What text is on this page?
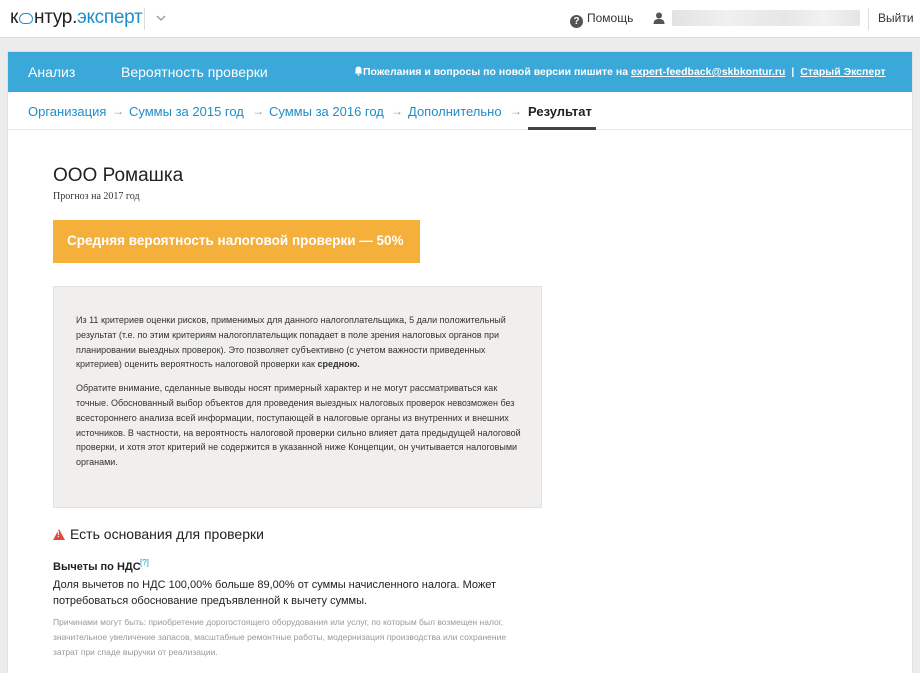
к нтур.эксперт	? Помощь	Выйти
Анализ	Вероятность проверки	Пожелания и вопросы по новой версии пишите на expert-feedback@skbkontur.ru | Старый Эксперт
Организация → Суммы за 2015 год → Суммы за 2016 год → Дополнительно → Результат
ООО Ромашка
Прогноз на 2017 год
Средняя вероятность налоговой проверки — 50%

Из 11 критериев оценки рисков, применимых для данного налогоплательщика, 5 дали положительный результат (т.е. по этим критериям налогоплательщик попадает в поле зрения налоговых органов при планировании выездных проверок). Это позволяет субъективно (с учетом важности приведенных критериев) оценить вероятность налоговой проверки как средною.

Обратите внимание, сделанные выводы носят примерный характер и не могут рассматриваться как точные. Обоснованный выбор объектов для проведения выездных налоговых проверок невозможен без всестороннего анализа всей информации, поступающей в налоговые органы из внутренних и внешних источников. В частности, на вероятность налоговой проверки сильно влияет дата предыдущей налоговой проверки, и хотя этот критерий не содержится в указанной ниже Концепции, он учитывается налоговыми органами.

!Есть основания для проверки
Вычеты по НДС [?]
Доля вычетов по НДС 100,00% больше 89,00% от суммы начисленного налога. Может потребоваться обоснование предъявленной к вычету суммы.
Причинами могут быть: приобретение дорогостоящего оборудования или услуг, по которым был возмещен налог, значительное увеличение запасов, масштабные ремонтные работы, модернизация производства или сохранение затрат при спаде выручки от реализации.
